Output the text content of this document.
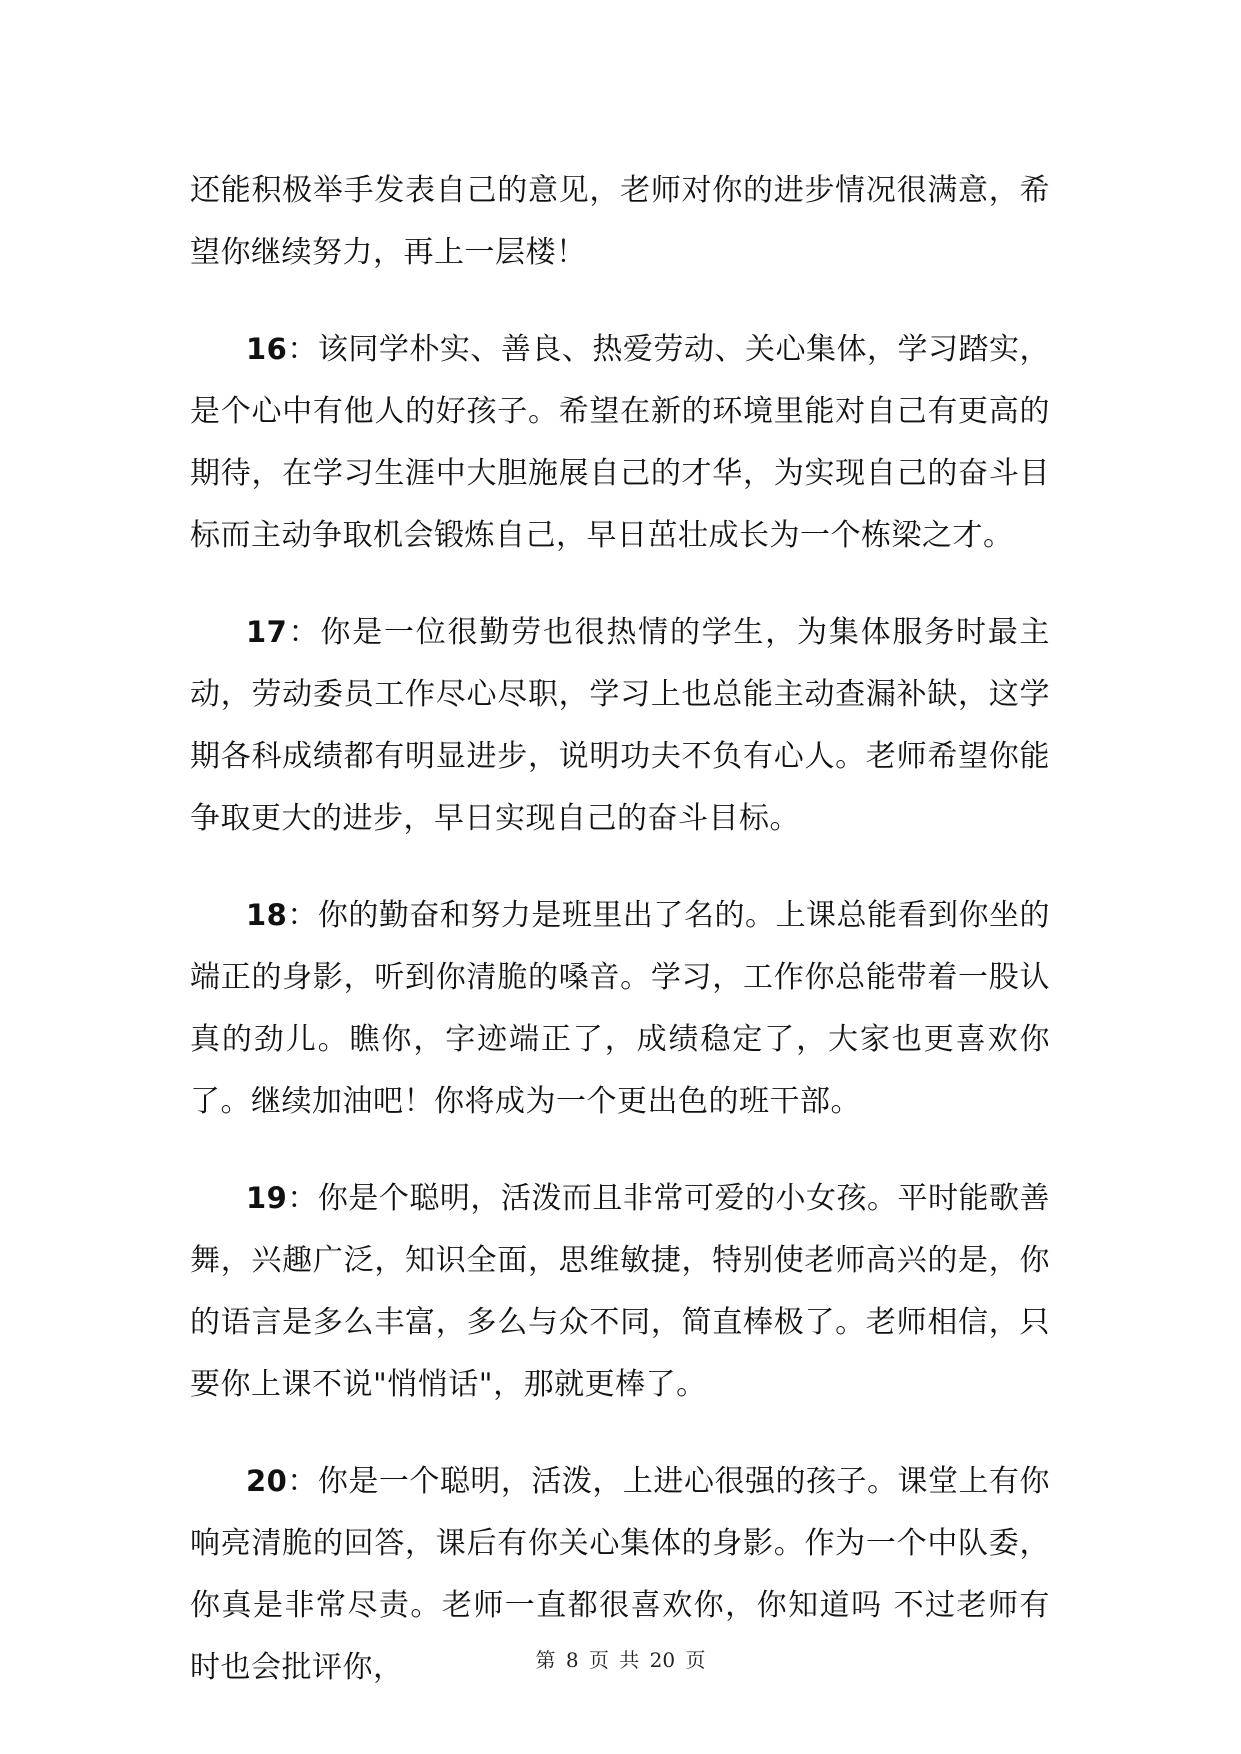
还能积极举手发表自己的意见，老师对你的进步情况很满意，希望你继续努力，再上一层楼！

16：该同学朴实、善良、热爱劳动、关心集体，学习踏实，是个心中有他人的好孩子。希望在新的环境里能对自己有更高的期待，在学习生涯中大胆施展自己的才华，为实现自己的奋斗目标而主动争取机会锻炼自己，早日茁壮成长为一个栋梁之才。

17：你是一位很勤劳也很热情的学生，为集体服务时最主动，劳动委员工作尽心尽职，学习上也总能主动查漏补缺，这学期各科成绩都有明显进步，说明功夫不负有心人。老师希望你能争取更大的进步，早日实现自己的奋斗目标。

18：你的勤奋和努力是班里出了名的。上课总能看到你坐的端正的身影，听到你清脆的嗓音。学习，工作你总能带着一股认真的劲儿。瞧你，字迹端正了，成绩稳定了，大家也更喜欢你了。继续加油吧！你将成为一个更出色的班干部。

19：你是个聪明，活泼而且非常可爱的小女孩。平时能歌善舞，兴趣广泛，知识全面，思维敏捷，特别使老师高兴的是，你的语言是多么丰富，多么与众不同，简直棒极了。老师相信，只要你上课不说"悄悄话"，那就更棒了。

20：你是一个聪明，活泼，上进心很强的孩子。课堂上有你响亮清脆的回答，课后有你关心集体的身影。作为一个中队委，你真是非常尽责。老师一直都很喜欢你，你知道吗 不过老师有时也会批评你，	第 8 页 共 20 页
